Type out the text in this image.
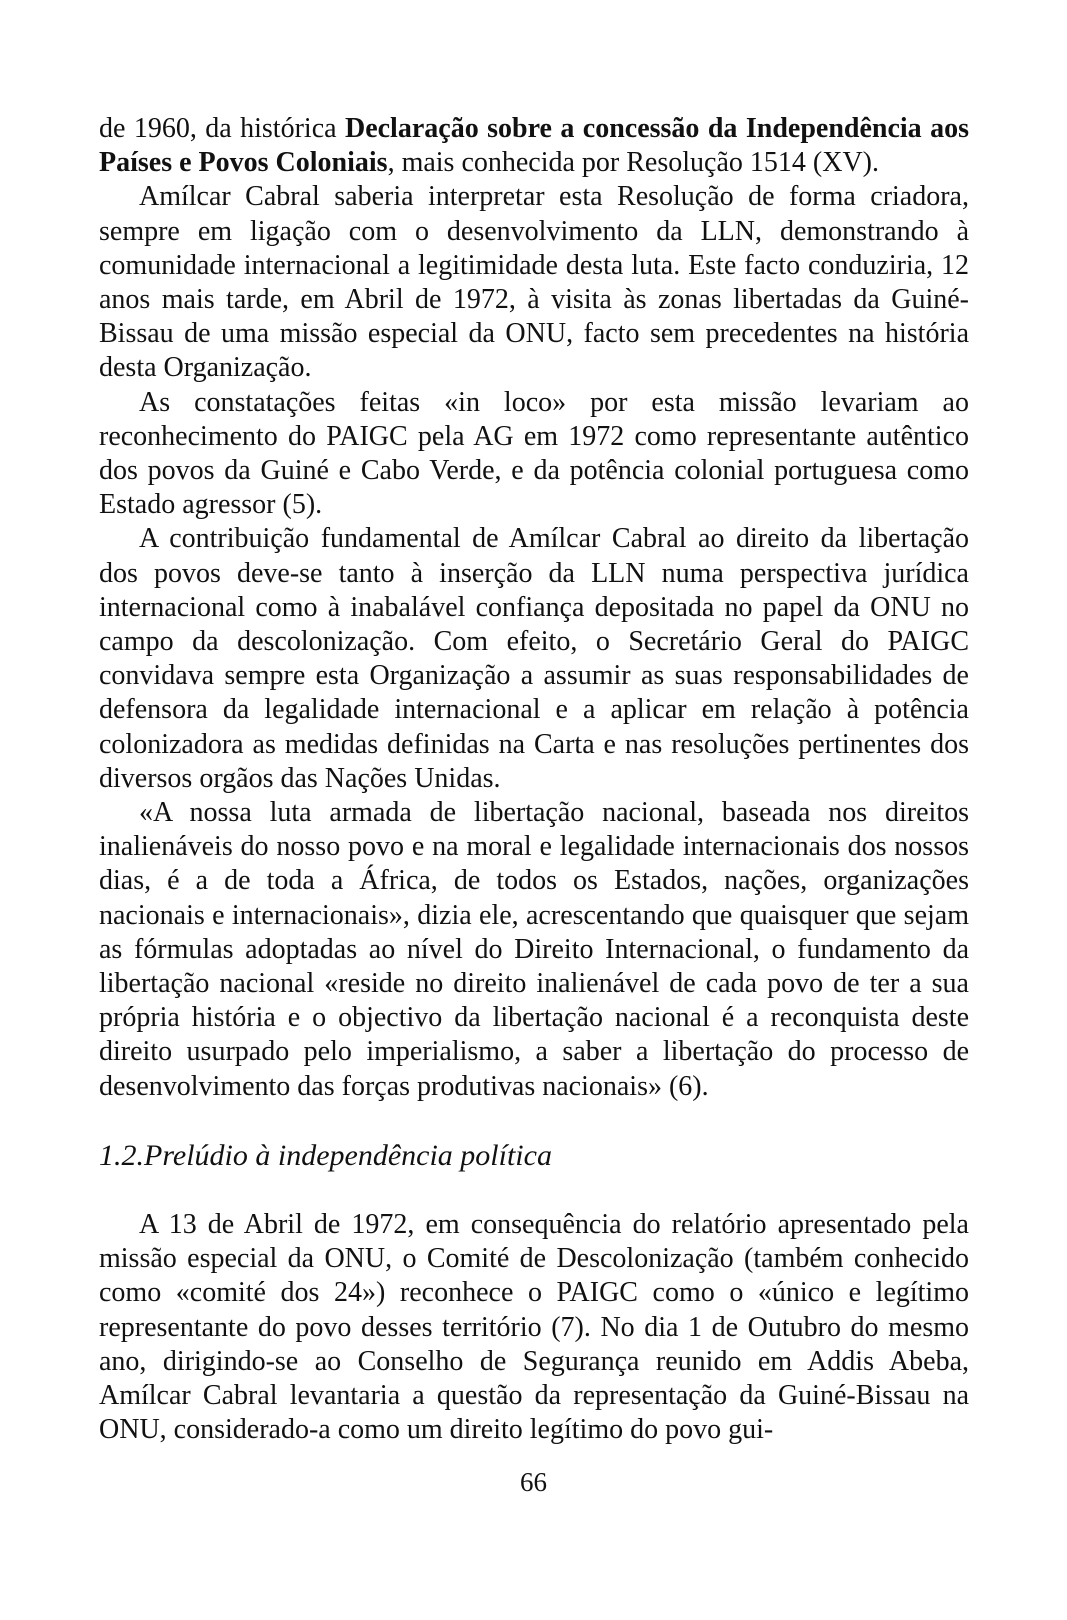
de 1960, da histórica Declaração sobre a concessão da Independência aos Países e Povos Coloniais, mais conhecida por Resolução 1514 (XV).

Amílcar Cabral saberia interpretar esta Resolução de forma criadora, sempre em ligação com o desenvolvimento da LLN, demonstrando à comunidade internacional a legitimidade desta luta. Este facto conduziria, 12 anos mais tarde, em Abril de 1972, à visita às zonas libertadas da Guiné-Bissau de uma missão especial da ONU, facto sem precedentes na história desta Organização.

As constatações feitas «in loco» por esta missão levariam ao reconhecimento do PAIGC pela AG em 1972 como representante autêntico dos povos da Guiné e Cabo Verde, e da potência colonial portuguesa como Estado agressor (5).

A contribuição fundamental de Amílcar Cabral ao direito da libertação dos povos deve-se tanto à inserção da LLN numa perspectiva jurídica internacional como à inabalável confiança depositada no papel da ONU no campo da descolonização. Com efeito, o Secretário Geral do PAIGC convidava sempre esta Organização a assumir as suas responsabilidades de defensora da legalidade internacional e a aplicar em relação à potência colonizadora as medidas definidas na Carta e nas resoluções pertinentes dos diversos orgãos das Nações Unidas.

«A nossa luta armada de libertação nacional, baseada nos direitos inalienáveis do nosso povo e na moral e legalidade internacionais dos nossos dias, é a de toda a África, de todos os Estados, nações, organizações nacionais e internacionais», dizia ele, acrescentando que quaisquer que sejam as fórmulas adoptadas ao nível do Direito Internacional, o fundamento da libertação nacional «reside no direito inalienável de cada povo de ter a sua própria história e o objectivo da libertação nacional é a reconquista deste direito usurpado pelo imperialismo, a saber a libertação do processo de desenvolvimento das forças produtivas nacionais» (6).

1.2.Prelúdio à independência política

A 13 de Abril de 1972, em consequência do relatório apresentado pela missão especial da ONU, o Comité de Descolonização (também conhecido como «comité dos 24») reconhece o PAIGC como o «único e legítimo representante do povo desses território (7). No dia 1 de Outubro do mesmo ano, dirigindo-se ao Conselho de Segurança reunido em Addis Abeba, Amílcar Cabral levantaria a questão da representação da Guiné-Bissau na ONU, considerado-a como um direito legítimo do povo gui-

66
